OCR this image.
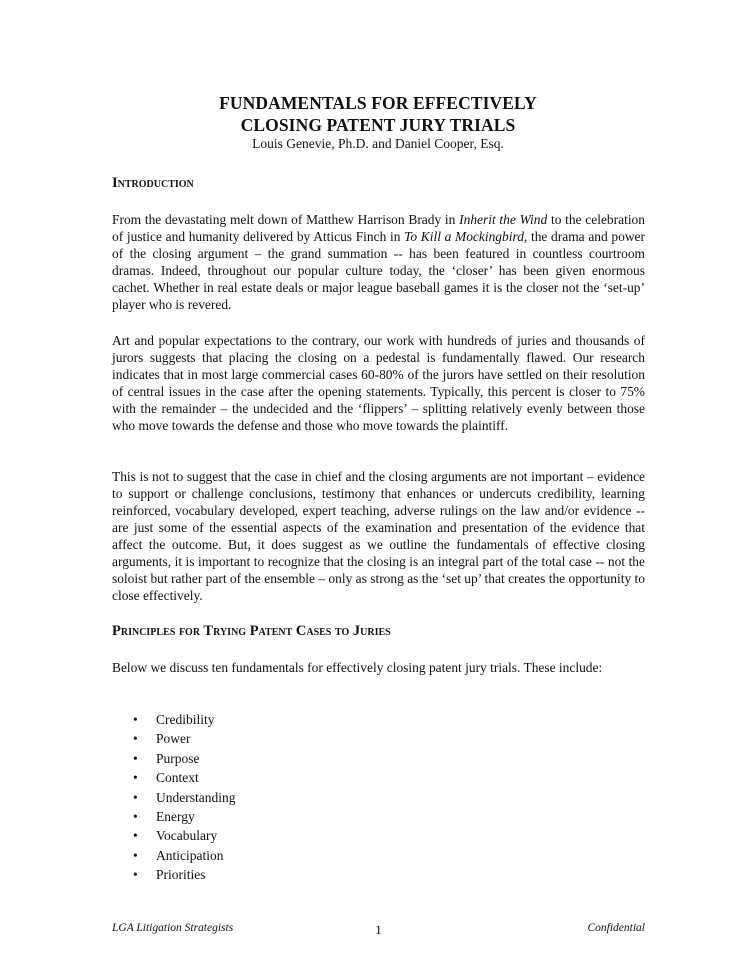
FUNDAMENTALS FOR EFFECTIVELY
CLOSING PATENT JURY TRIALS
Louis Genevie, Ph.D. and Daniel Cooper, Esq.
Introduction

From the devastating melt down of Matthew Harrison Brady in Inherit the Wind to the celebration of justice and humanity delivered by Atticus Finch in To Kill a Mockingbird, the drama and power of the closing argument – the grand summation -- has been featured in countless courtroom dramas. Indeed, throughout our popular culture today, the ‘closer’ has been given enormous cachet. Whether in real estate deals or major league baseball games it is the closer not the ‘set-up’ player who is revered.

Art and popular expectations to the contrary, our work with hundreds of juries and thousands of jurors suggests that placing the closing on a pedestal is fundamentally flawed. Our research indicates that in most large commercial cases 60-80% of the jurors have settled on their resolution of central issues in the case after the opening statements. Typically, this percent is closer to 75% with the remainder – the undecided and the ‘flippers’ – splitting relatively evenly between those who move towards the defense and those who move towards the plaintiff.

This is not to suggest that the case in chief and the closing arguments are not important – evidence to support or challenge conclusions, testimony that enhances or undercuts credibility, learning reinforced, vocabulary developed, expert teaching, adverse rulings on the law and/or evidence -- are just some of the essential aspects of the examination and presentation of the evidence that affect the outcome. But, it does suggest as we outline the fundamentals of effective closing arguments, it is important to recognize that the closing is an integral part of the total case -- not the soloist but rather part of the ensemble – only as strong as the ‘set up’ that creates the opportunity to close effectively.

Principles for Trying Patent Cases to Juries

Below we discuss ten fundamentals for effectively closing patent jury trials. These include:

• Credibility
• Power
• Purpose
• Context
• Understanding
• Energy
• Vocabulary
• Anticipation
• Priorities
LGA Litigation Strategists	1	Confidential
